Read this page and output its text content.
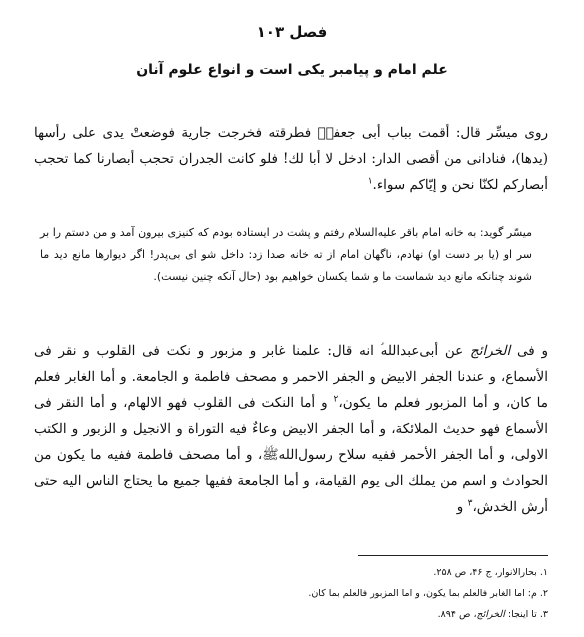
فصل ۱۰۳
علم امام و پیامبر یکی است و انواع علوم آنان

روی میسِّر قال: أقمت بباب أبی جعفرؑ فطرقته فخرجت جارية فوضعتْ يدى على رأسها (يدها)، فنادانى من أقصى الدار: ادخل لا أبا لك! فلو كانت الجدران تحجب أبصارنا كما تحجب أبصاركم لكنّا نحن و إيّاكم سواء.$^۱$

میسّر گوید: به خانه امام باقر علیه‌السلام رفتم و پشت در ایستاده بودم که کنیزی بیرون آمد و من دستم را بر سر او (یا بر دست او) نهادم، ناگهان امام از ته خانه صدا زد: داخل شو ای بی‌پدر! اگر دیوارها مانع دید ما شوند چنانکه مانع دید شماست ما و شما یکسان خواهیم بود (حال آنکه چنین نیست).

و فى الخرائج عن أبى‌عبدالله‌ؑ انه قال: علمنا غابر و مزبور و نكت فى القلوب و نقر فى الأسماع، و عندنا الجفر الابيض و الجفر الاحمر و مصحف فاطمة و الجامعة. و أما الغابر فعلم ما كان، و أما المزبور فعلم ما يكون،$^۲$ و أما النكت فى القلوب فهو الالهام، و أما النقر فى الأسماع فهو حديث الملائكة، و أما الجفر الابيض وعاءٌ فيه التوراة و الانجيل و الزبور و الكتب الاولى، و أما الجفر الأحمر ففيه سلاح رسول‌اللهﷺ، و أما مصحف فاطمة ففيه ما يكون من الحوادث و اسم من يملك الى يوم القيامة، و أما الجامعة ففيها جميع ما يحتاج الناس اليه حتى أرش الخدش،$^۳$ و

۱. بحارالانوار، ج ۴۶، ص ۲۵۸.
۲. م: اما الغابر فالعلم بما يكون، و اما المزبور فالعلم بما كان.
۳. تا اینجا: الخرائج، ص ۸۹۴.
